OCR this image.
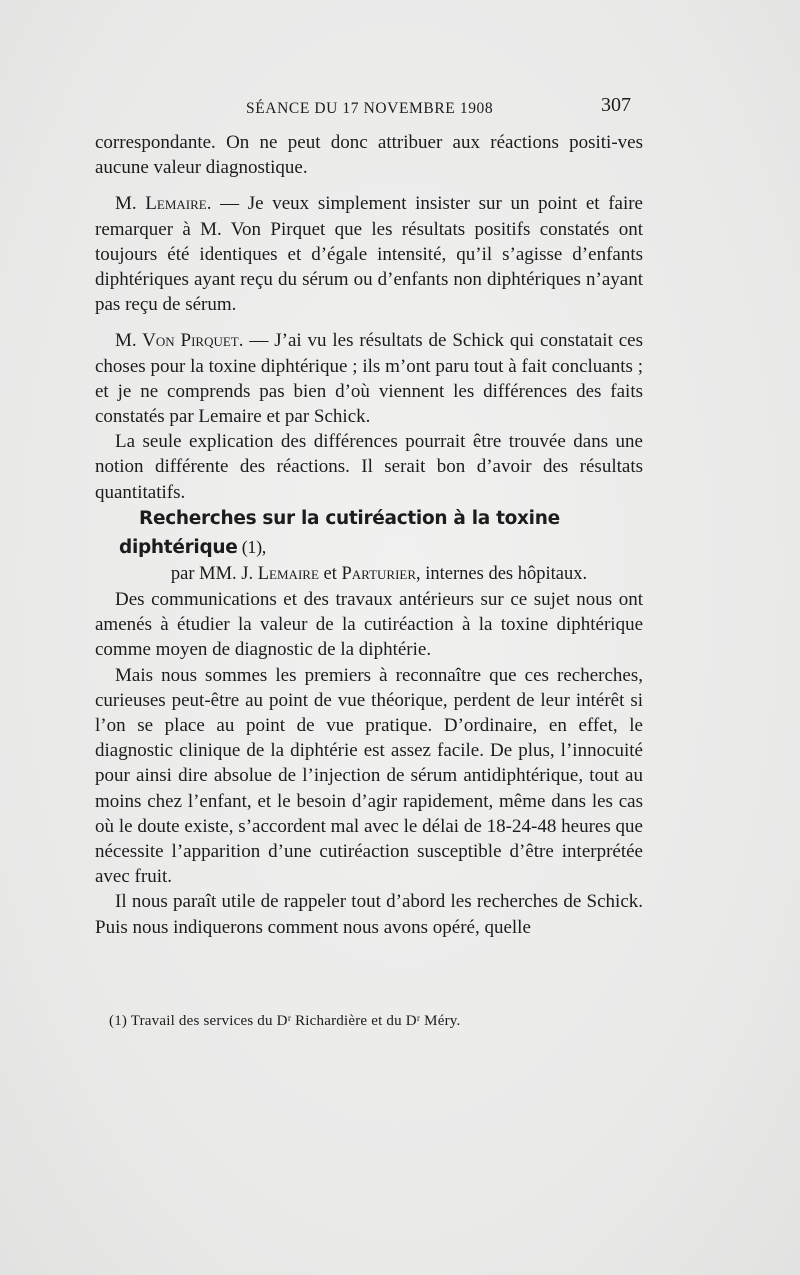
SÉANCE DU 17 NOVEMBRE 1908	307

correspondante. On ne peut donc attribuer aux réactions positi-ves aucune valeur diagnostique.

M. Lemaire. — Je veux simplement insister sur un point et faire remarquer à M. Von Pirquet que les résultats positifs constatés ont toujours été identiques et d’égale intensité, qu’il s’agisse d’enfants diphtériques ayant reçu du sérum ou d’enfants non diphtériques n’ayant pas reçu de sérum.

M. Von Pirquet. — J’ai vu les résultats de Schick qui constatait ces choses pour la toxine diphtérique ; ils m’ont paru tout à fait concluants ; et je ne comprends pas bien d’où viennent les différences des faits constatés par Lemaire et par Schick.

La seule explication des différences pourrait être trouvée dans une notion différente des réactions. Il serait bon d’avoir des résultats quantitatifs.

Recherches sur la cutiréaction à la toxine diphtérique (1),

par MM. J. Lemaire et Parturier, internes des hôpitaux.

Des communications et des travaux antérieurs sur ce sujet nous ont amenés à étudier la valeur de la cutiréaction à la toxine diphtérique comme moyen de diagnostic de la diphtérie.

Mais nous sommes les premiers à reconnaître que ces recherches, curieuses peut-être au point de vue théorique, perdent de leur intérêt si l’on se place au point de vue pratique. D’ordinaire, en effet, le diagnostic clinique de la diphtérie est assez facile. De plus, l’innocuité pour ainsi dire absolue de l’injection de sérum antidiphtérique, tout au moins chez l’enfant, et le besoin d’agir rapidement, même dans les cas où le doute existe, s’accordent mal avec le délai de 18-24-48 heures que nécessite l’apparition d’une cutiréaction susceptible d’être interprétée avec fruit.

Il nous paraît utile de rappeler tout d’abord les recherches de Schick. Puis nous indiquerons comment nous avons opéré, quelle

(1) Travail des services du Dʳ Richardière et du Dʳ Méry.
